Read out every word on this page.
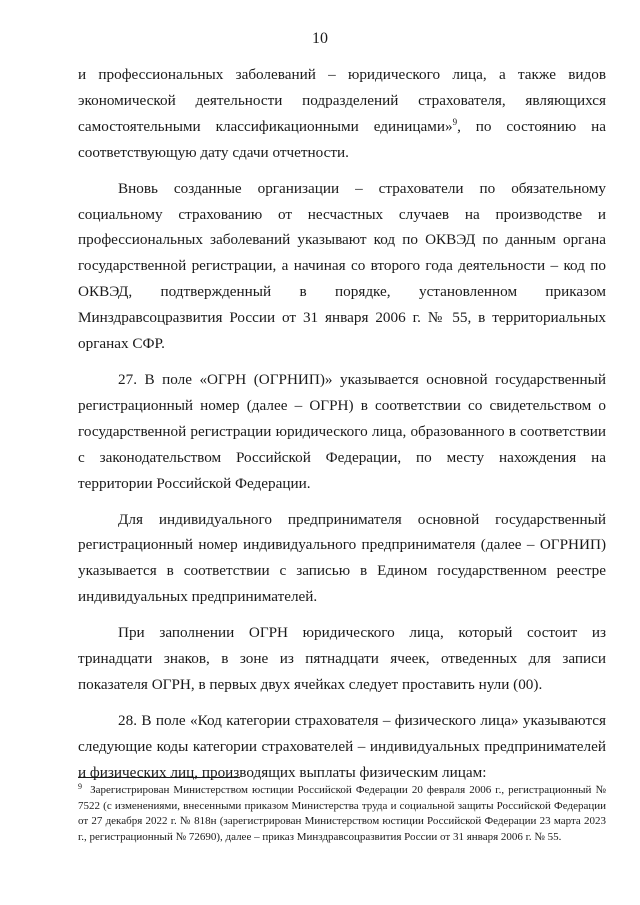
10

и профессиональных заболеваний – юридического лица, а также видов экономической деятельности подразделений страхователя, являющихся самостоятельными классификационными единицами»$^9$, по состоянию на соответствующую дату сдачи отчетности.

Вновь созданные организации – страхователи по обязательному социальному страхованию от несчастных случаев на производстве и профессиональных заболеваний указывают код по ОКВЭД по данным органа государственной регистрации, а начиная со второго года деятельности – код по ОКВЭД, подтвержденный в порядке, установленном приказом Минздравсоцразвития России от 31 января 2006 г. № 55, в территориальных органах СФР.

27. В поле «ОГРН (ОГРНИП)» указывается основной государственный регистрационный номер (далее – ОГРН) в соответствии со свидетельством о государственной регистрации юридического лица, образованного в соответствии с законодательством Российской Федерации, по месту нахождения на территории Российской Федерации.

Для индивидуального предпринимателя основной государственный регистрационный номер индивидуального предпринимателя (далее – ОГРНИП) указывается в соответствии с записью в Едином государственном реестре индивидуальных предпринимателей.

При заполнении ОГРН юридического лица, который состоит из тринадцати знаков, в зоне из пятнадцати ячеек, отведенных для записи показателя ОГРН, в первых двух ячейках следует проставить нули (00).

28. В поле «Код категории страхователя – физического лица» указываются следующие коды категории страхователей – индивидуальных предпринимателей и физических лиц, производящих выплаты физическим лицам:

$^9$ Зарегистрирован Министерством юстиции Российской Федерации 20 февраля 2006 г., регистрационный № 7522 (с изменениями, внесенными приказом Министерства труда и социальной защиты Российской Федерации от 27 декабря 2022 г. № 818н (зарегистрирован Министерством юстиции Российской Федерации 23 марта 2023 г., регистрационный № 72690), далее – приказ Минздравсоцразвития России от 31 января 2006 г. № 55.
